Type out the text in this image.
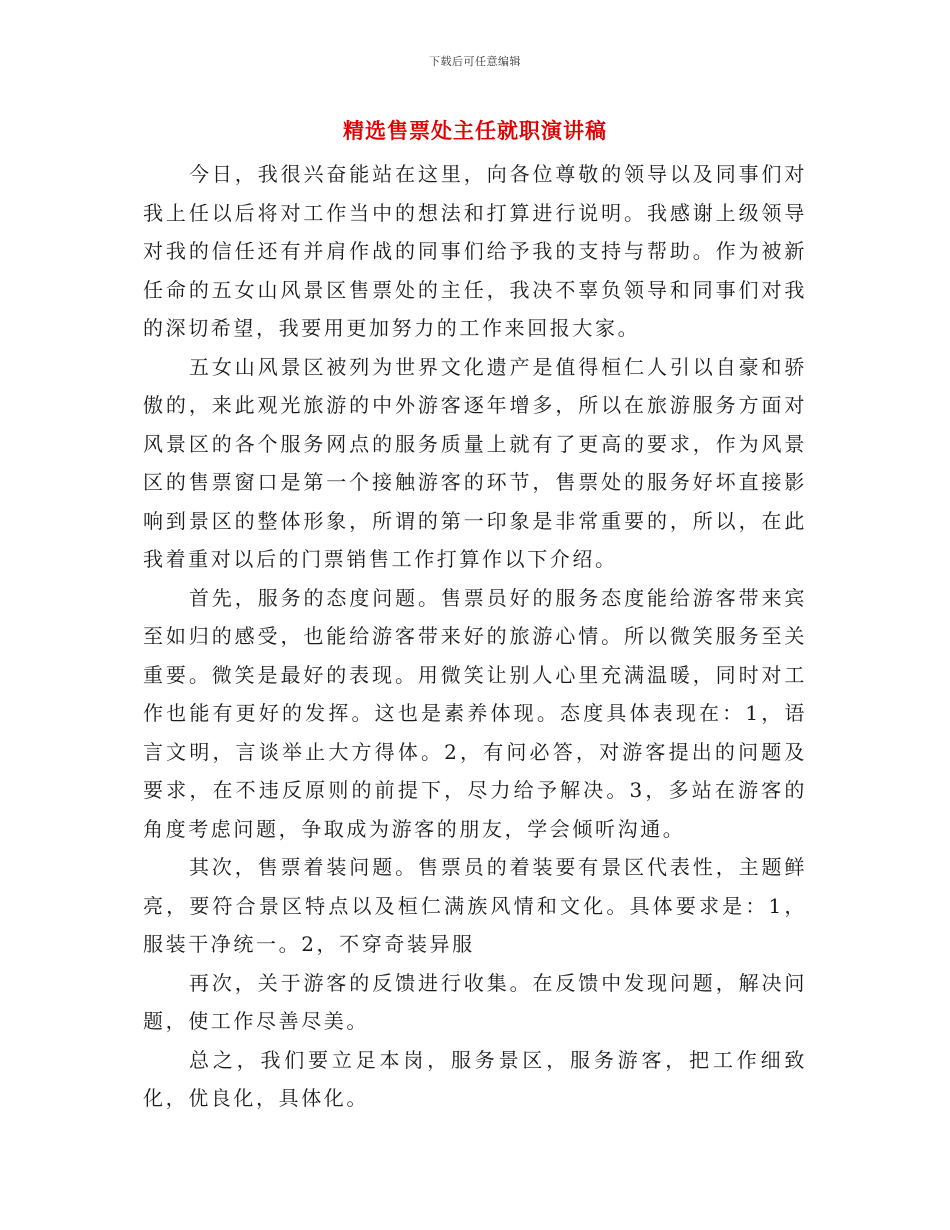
下载后可任意编辑
精选售票处主任就职演讲稿

今日，我很兴奋能站在这里，向各位尊敬的领导以及同事们对我上任以后将对工作当中的想法和打算进行说明。我感谢上级领导对我的信任还有并肩作战的同事们给予我的支持与帮助。作为被新任命的五女山风景区售票处的主任，我决不辜负领导和同事们对我的深切希望，我要用更加努力的工作来回报大家。

五女山风景区被列为世界文化遗产是值得桓仁人引以自豪和骄傲的，来此观光旅游的中外游客逐年增多，所以在旅游服务方面对风景区的各个服务网点的服务质量上就有了更高的要求，作为风景区的售票窗口是第一个接触游客的环节，售票处的服务好坏直接影响到景区的整体形象，所谓的第一印象是非常重要的，所以，在此我着重对以后的门票销售工作打算作以下介绍。

首先，服务的态度问题。售票员好的服务态度能给游客带来宾至如归的感受，也能给游客带来好的旅游心情。所以微笑服务至关重要。微笑是最好的表现。用微笑让别人心里充满温暖，同时对工作也能有更好的发挥。这也是素养体现。态度具体表现在：1，语言文明，言谈举止大方得体。2，有问必答，对游客提出的问题及要求，在不违反原则的前提下，尽力给予解决。3，多站在游客的角度考虑问题，争取成为游客的朋友，学会倾听沟通。

其次，售票着装问题。售票员的着装要有景区代表性，主题鲜亮，要符合景区特点以及桓仁满族风情和文化。具体要求是：1，服装干净统一。2，不穿奇装异服

再次，关于游客的反馈进行收集。在反馈中发现问题，解决问题，使工作尽善尽美。

总之，我们要立足本岗，服务景区，服务游客，把工作细致化，优良化，具体化。
